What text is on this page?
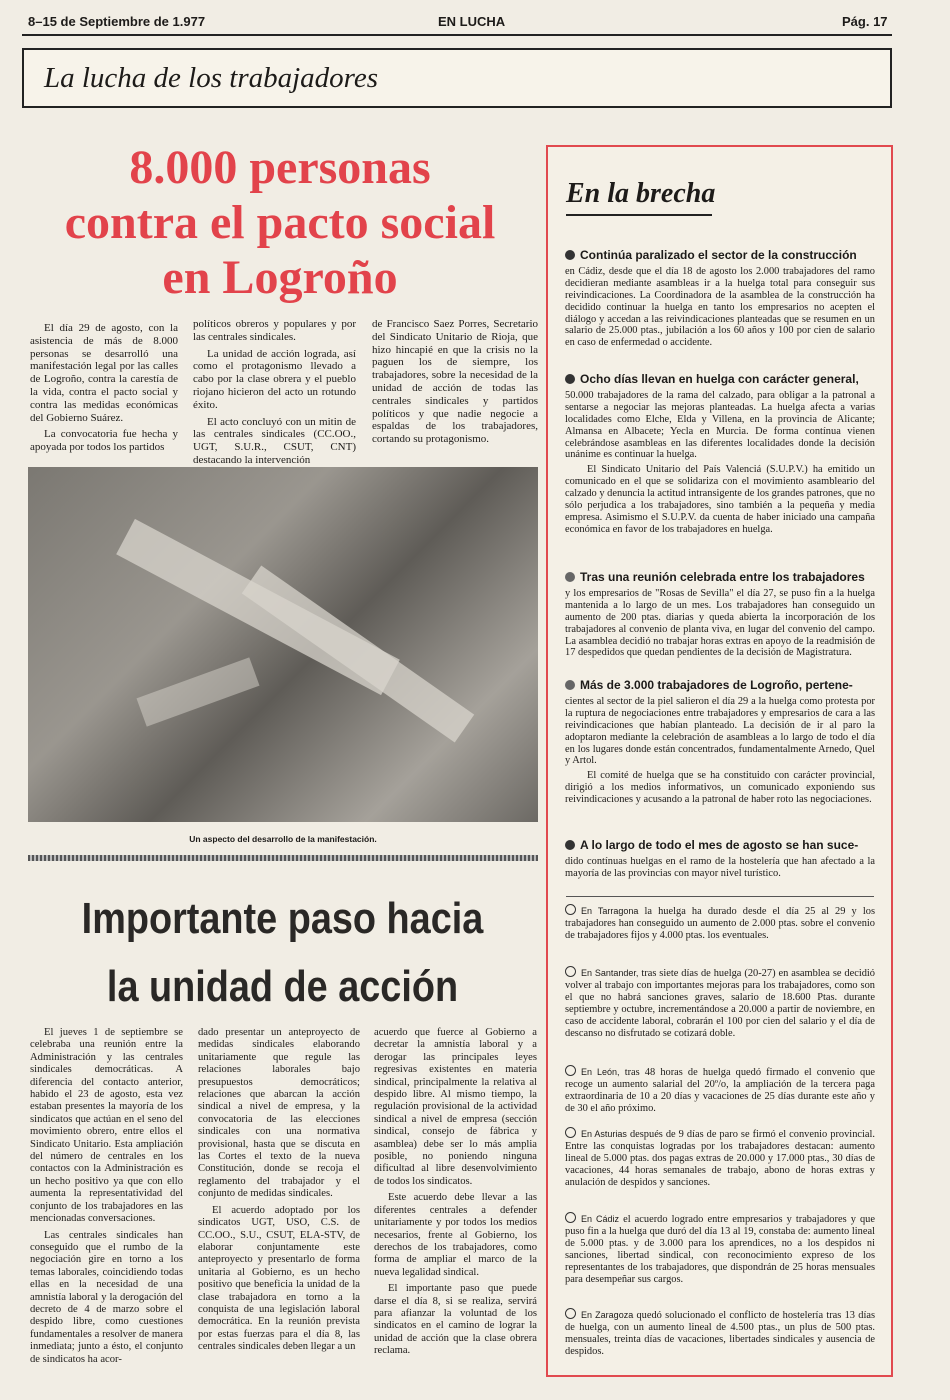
8–15 de Septiembre de 1.977	EN LUCHA	Pág. 17
La lucha de los trabajadores
8.000 personas
contra el pacto social
en Logroño

El día 29 de agosto, con la asistencia de más de 8.000 personas se desarrolló una manifestación legal por las calles de Logroño, contra la carestía de la vida, contra el pacto social y contra las medidas económicas del Gobierno Suárez.

La convocatoria fue hecha y apoyada por todos los partidos

políticos obreros y populares y por las centrales sindicales.

La unidad de acción lograda, así como el protagonismo llevado a cabo por la clase obrera y el pueblo riojano hicieron del acto un rotundo éxito.

El acto concluyó con un mitin de las centrales sindicales (CC.OO., UGT, S.U.R., CSUT, CNT) destacando la intervención

de Francisco Saez Porres, Secretario del Sindicato Unitario de Rioja, que hizo hincapié en que la crisis no la paguen los de siempre, los trabajadores, sobre la necesidad de la unidad de acción de todas las centrales sindicales y partidos políticos y que nadie negocie a espaldas de los trabajadores, cortando su protagonismo.

Un aspecto del desarrollo de la manifestación.
Importante paso hacia
la unidad de acción

El jueves 1 de septiembre se celebraba una reunión entre la Administración y las centrales sindicales democráticas. A diferencia del contacto anterior, habido el 23 de agosto, esta vez estaban presentes la mayoría de los sindicatos que actúan en el seno del movimiento obrero, entre ellos el Sindicato Unitario. Esta ampliación del número de centrales en los contactos con la Administración es un hecho positivo ya que con ello aumenta la representatividad del conjunto de los trabajadores en las mencionadas conversaciones.

Las centrales sindicales han conseguido que el rumbo de la negociación gire en torno a los temas laborales, coincidiendo todas ellas en la necesidad de una amnistía laboral y la derogación del decreto de 4 de marzo sobre el despido libre, como cuestiones fundamentales a resolver de manera inmediata; junto a ésto, el conjunto de sindicatos ha acor-

dado presentar un anteproyecto de medidas sindicales elaborando unitariamente que regule las relaciones laborales bajo presupuestos democráticos; relaciones que abarcan la acción sindical a nivel de empresa, y la convocatoria de las elecciones sindicales con una normativa provisional, hasta que se discuta en las Cortes el texto de la nueva Constitución, donde se recoja el reglamento del trabajador y el conjunto de medidas sindicales.

El acuerdo adoptado por los sindicatos UGT, USO, C.S. de CC.OO., S.U., CSUT, ELA-STV, de elaborar conjuntamente este anteproyecto y presentarlo de forma unitaria al Gobierno, es un hecho positivo que beneficia la unidad de la clase trabajadora en torno a la conquista de una legislación laboral democrática. En la reunión prevista por estas fuerzas para el día 8, las centrales sindicales deben llegar a un

acuerdo que fuerce al Gobierno a decretar la amnistía laboral y a derogar las principales leyes regresivas existentes en materia sindical, principalmente la relativa al despido libre. Al mismo tiempo, la regulación provisional de la actividad sindical a nivel de empresa (sección sindical, consejo de fábrica y asamblea) debe ser lo más amplia posible, no poniendo ninguna dificultad al libre desenvolvimiento de todos los sindicatos.

Este acuerdo debe llevar a las diferentes centrales a defender unitariamente y por todos los medios necesarios, frente al Gobierno, los derechos de los trabajadores, como forma de ampliar el marco de la nueva legalidad sindical.

El importante paso que puede darse el día 8, si se realiza, servirá para afianzar la voluntad de los sindicatos en el camino de lograr la unidad de acción que la clase obrera reclama.

En la brecha

Continúa paralizado el sector de la construcción

en Cádiz, desde que el día 18 de agosto los 2.000 trabajadores del ramo decidieran mediante asambleas ir a la huelga total para conseguir sus reivindicaciones. La Coordinadora de la asamblea de la construcción ha decidido continuar la huelga en tanto los empresarios no acepten el diálogo y accedan a las reivindicaciones planteadas que se resumen en un salario de 25.000 ptas., jubilación a los 60 años y 100 por cien de salario en caso de enfermedad o accidente.

Ocho días llevan en huelga con carácter general,

50.000 trabajadores de la rama del calzado, para obligar a la patronal a sentarse a negociar las mejoras planteadas. La huelga afecta a varias localidades como Elche, Elda y Villena, en la provincia de Alicante; Almansa en Albacete; Yecla en Murcia. De forma contínua vienen celebrándose asambleas en las diferentes localidades donde la decisión unánime es continuar la huelga.

El Sindicato Unitario del País Valenciá (S.U.P.V.) ha emitido un comunicado en el que se solidariza con el movimiento asambleario del calzado y denuncia la actitud intransigente de los grandes patrones, que no sólo perjudica a los trabajadores, sino también a la pequeña y media empresa. Asimismo el S.U.P.V. da cuenta de haber iniciado una campaña económica en favor de los trabajadores en huelga.

Tras una reunión celebrada entre los trabajadores

y los empresarios de "Rosas de Sevilla" el día 27, se puso fin a la huelga mantenida a lo largo de un mes. Los trabajadores han conseguido un aumento de 200 ptas. diarias y queda abierta la incorporación de los trabajadores al convenio de planta viva, en lugar del convenio del campo. La asamblea decidió no trabajar horas extras en apoyo de la readmisión de 17 despedidos que quedan pendientes de la decisión de Magistratura.

Más de 3.000 trabajadores de Logroño, pertene-

cientes al sector de la piel salieron el día 29 a la huelga como protesta por la ruptura de negociaciones entre trabajadores y empresarios de cara a las reivindicaciones que habían planteado. La decisión de ir al paro la adoptaron mediante la celebración de asambleas a lo largo de todo el día en los lugares donde están concentrados, fundamentalmente Arnedo, Quel y Artol.

El comité de huelga que se ha constituido con carácter provincial, dirigió a los medios informativos, un comunicado exponiendo sus reivindicaciones y acusando a la patronal de haber roto las negociaciones.

A lo largo de todo el mes de agosto se han suce-

dido contínuas huelgas en el ramo de la hostelería que han afectado a la mayoría de las provincias con mayor nivel turístico.

En Tarragona la huelga ha durado desde el día 25 al 29 y los trabajadores han conseguido un aumento de 2.000 ptas. sobre el convenio de trabajadores fijos y 4.000 ptas. los eventuales.

En Santander, tras siete días de huelga (20-27) en asamblea se decidió volver al trabajo con importantes mejoras para los trabajadores, como son el que no habrá sanciones graves, salario de 18.600 Ptas. durante septiembre y octubre, incrementándose a 20.000 a partir de noviembre, en caso de accidente laboral, cobrarán el 100 por cien del salario y el día de descanso no disfrutado se cotizará doble.

En León, tras 48 horas de huelga quedó firmado el convenio que recoge un aumento salarial del 20º/o, la ampliación de la tercera paga extraordinaria de 10 a 20 días y vacaciones de 25 días durante este año y de 30 el año próximo.

En Asturias después de 9 días de paro se firmó el convenio provincial. Entre las conquistas logradas por los trabajadores destacan: aumento lineal de 5.000 ptas. dos pagas extras de 20.000 y 17.000 ptas., 30 días de vacaciones, 44 horas semanales de trabajo, abono de horas extras y anulación de despidos y sanciones.

En Cádiz el acuerdo logrado entre empresarios y trabajadores y que puso fin a la huelga que duró del día 13 al 19, constaba de: aumento lineal de 5.000 ptas. y de 3.000 para los aprendices, no a los despidos ni sanciones, libertad sindical, con reconocimiento expreso de los representantes de los trabajadores, que dispondrán de 25 horas mensuales para desempeñar sus cargos.

En Zaragoza quedó solucionado el conflicto de hostelería tras 13 días de huelga, con un aumento lineal de 4.500 ptas., un plus de 500 ptas. mensuales, treinta días de vacaciones, libertades sindicales y ausencia de despidos.
